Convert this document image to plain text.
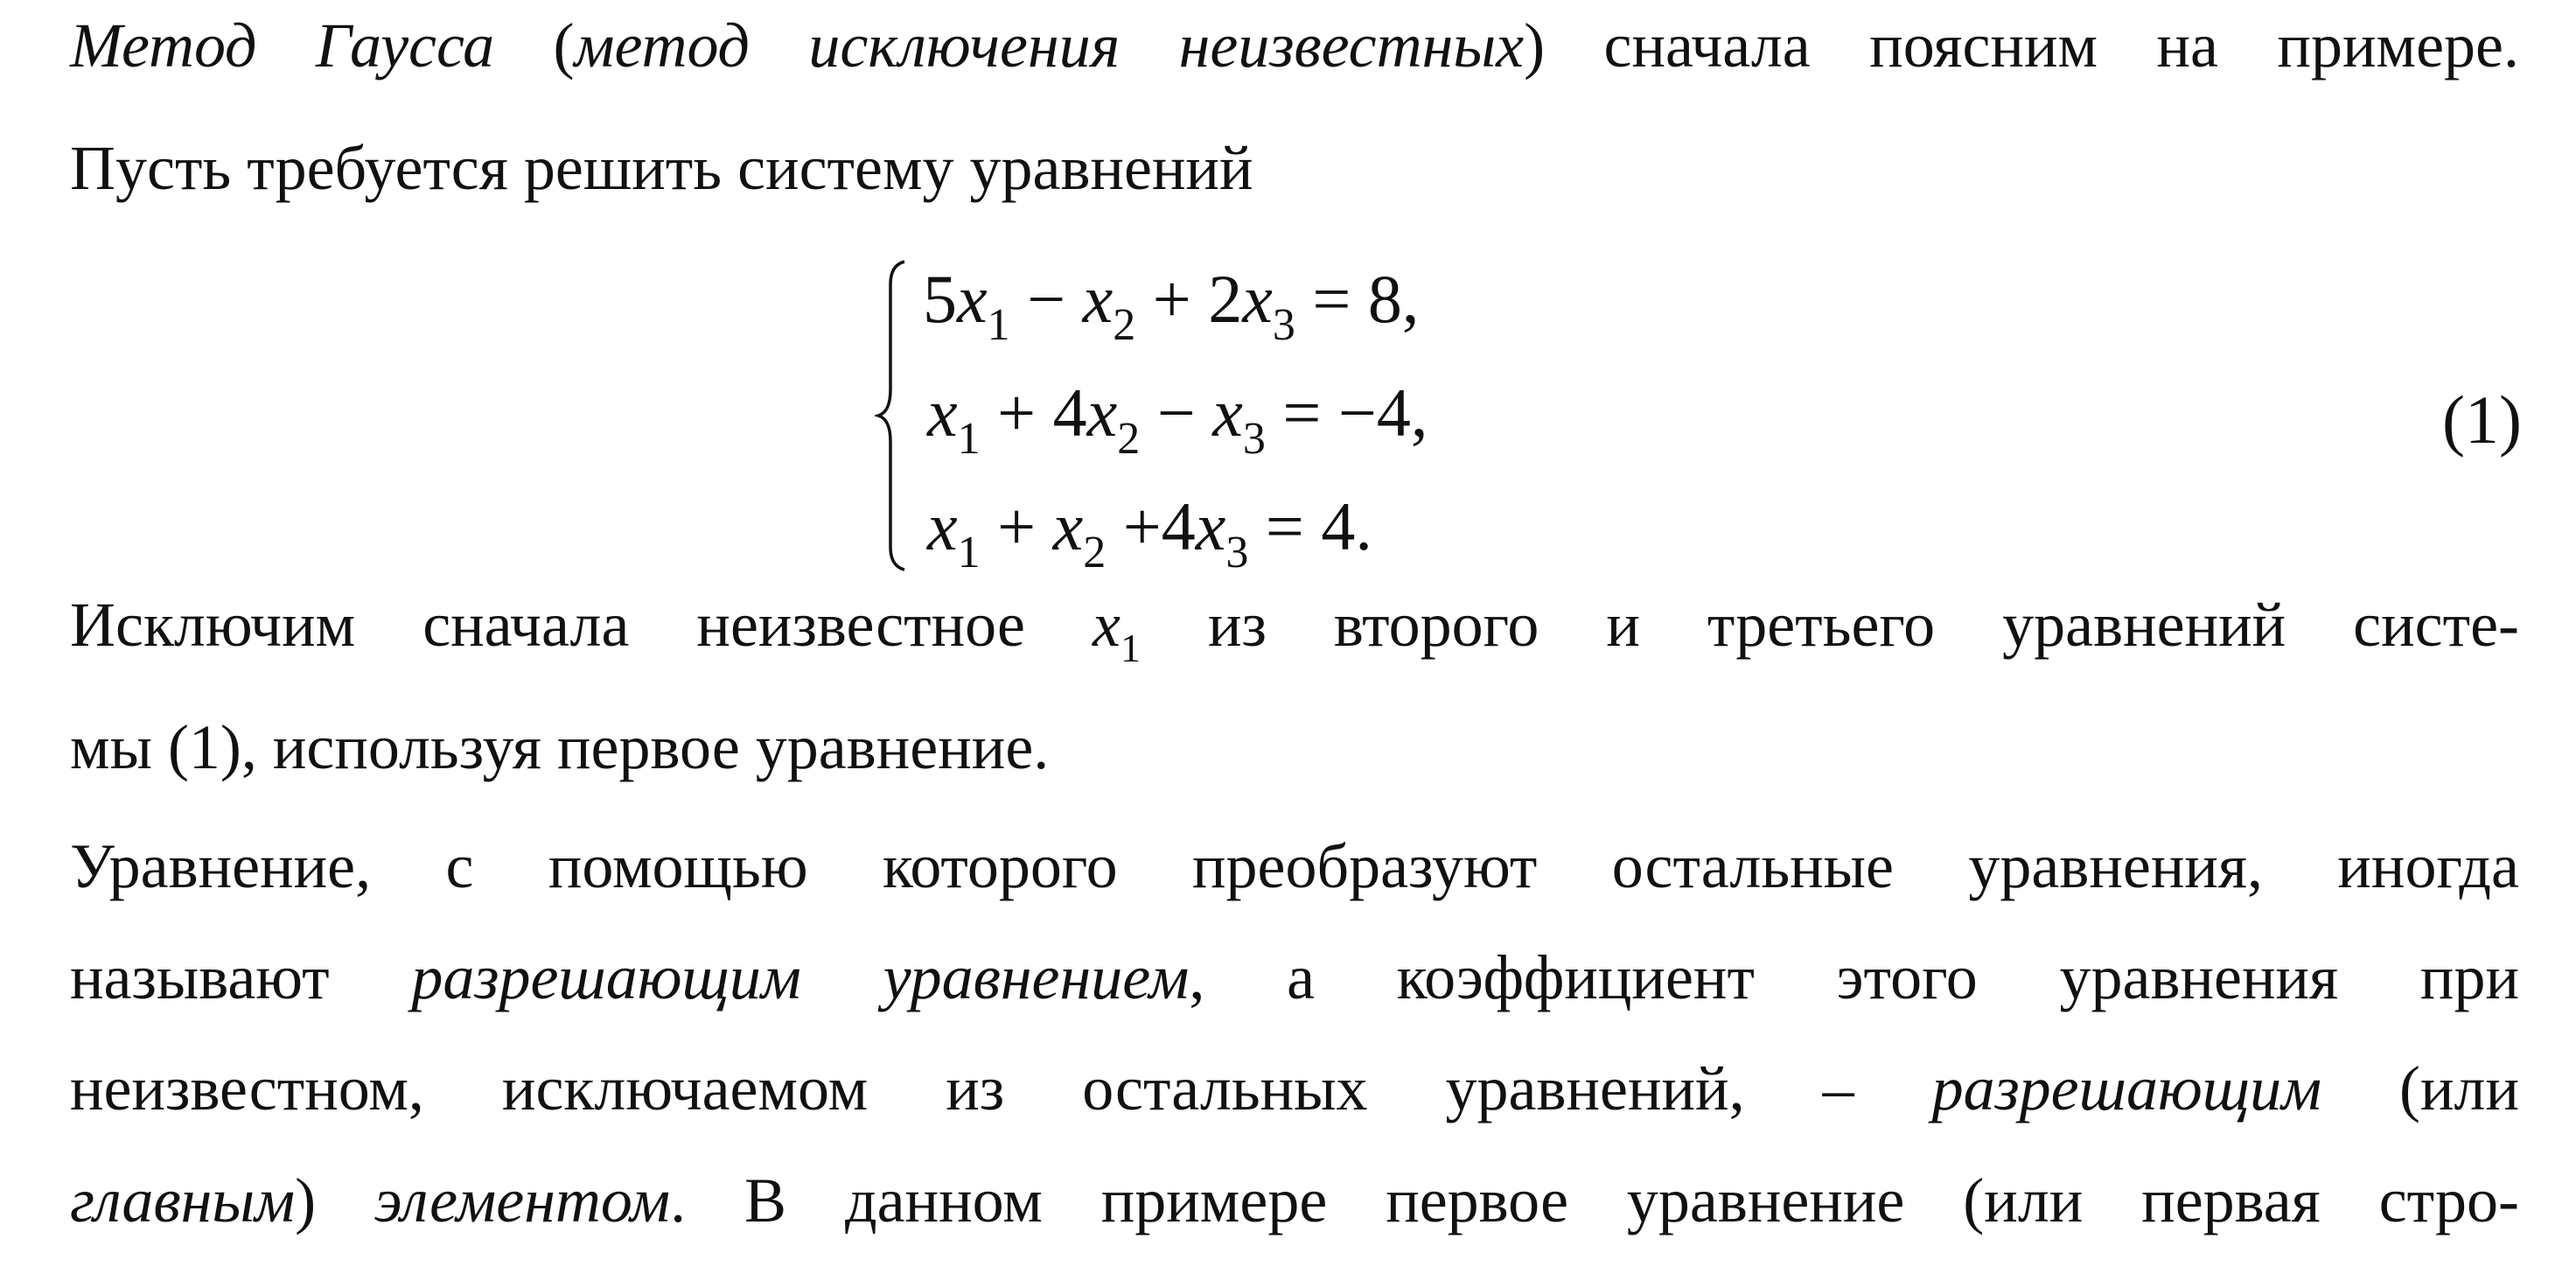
Метод Гаусса (метод исключения неизвестных) сначала поясним на примере.
Пусть требуется решить систему уравнений
$5x_1 - x_2 + 2x_3 = 8$,
$x_1 + 4x_2 - x_3 = -4$,
$x_1 + x_2 +4x_3 = 4$.
(1)
Исключим сначала неизвестное $x_1$ из второго и третьего уравнений систе-
мы (1), используя первое уравнение.
Уравнение, с помощью которого преобразуют остальные уравнения, иногда
называют разрешающим уравнением, а коэффициент этого уравнения при
неизвестном, исключаемом из остальных уравнений, – разрешающим (или
главным) элементом. В данном примере первое уравнение (или первая стро-
